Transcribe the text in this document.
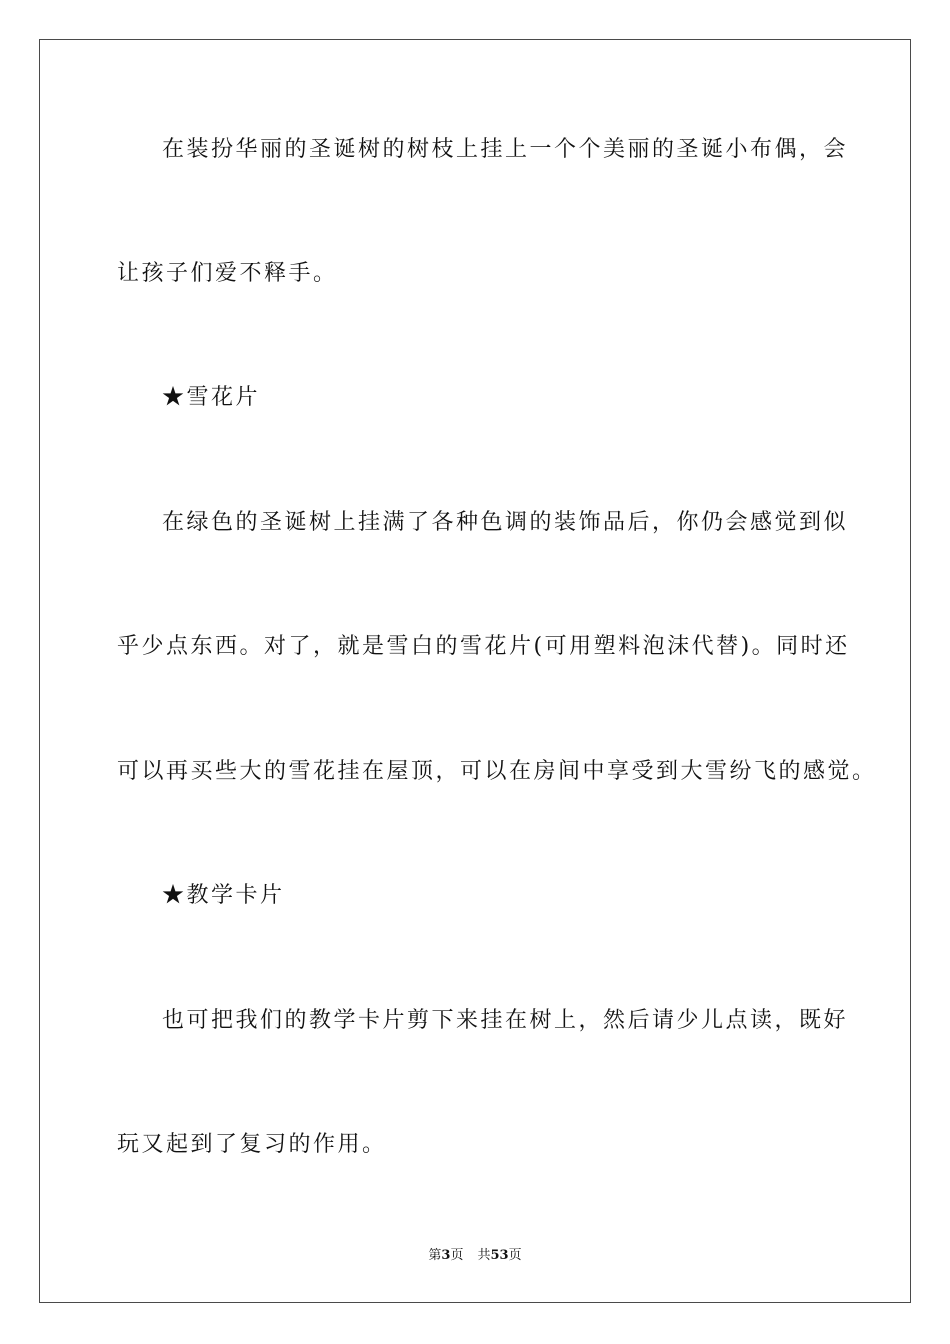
在装扮华丽的圣诞树的树枝上挂上一个个美丽的圣诞小布偶，会
让孩子们爱不释手。
★雪花片
在绿色的圣诞树上挂满了各种色调的装饰品后，你仍会感觉到似
乎少点东西。对了，就是雪白的雪花片(可用塑料泡沫代替)。同时还
可以再买些大的雪花挂在屋顶，可以在房间中享受到大雪纷飞的感觉。
★教学卡片
也可把我们的教学卡片剪下来挂在树上，然后请少儿点读，既好
玩又起到了复习的作用。
第3页 共53页
